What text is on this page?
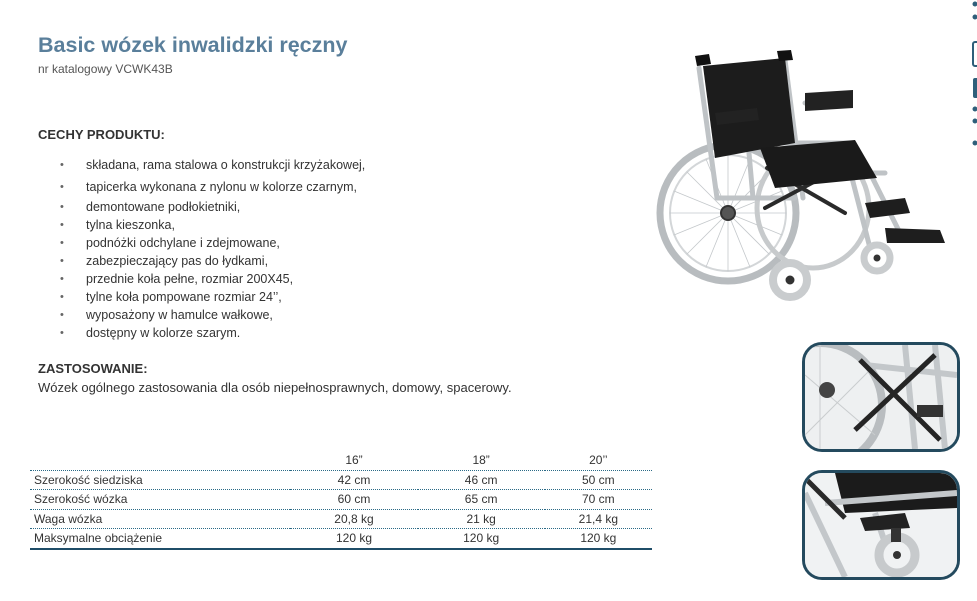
Basic wózek inwalidzki ręczny
nr katalogowy VCWK43B
CECHY PRODUKTU:
• składana, rama stalowa o konstrukcji krzyżakowej,
• tapicerka wykonana z nylonu w kolorze czarnym,
• demontowane podłokietniki,
• tylna kieszonka,
• podnóżki odchylane i zdejmowane,
• zabezpieczający pas do łydkami,
• przednie koła pełne, rozmiar 200X45,
• tylne koła pompowane rozmiar 24’’,
• wyposażony w hamulce wałkowe,
• dostępny w kolorze szarym.
ZASTOSOWANIE:
Wózek ogólnego zastosowania dla osób niepełnosprawnych, domowy, spacerowy.
	16”	18”	20’’
Szerokość siedziska	42 cm	46 cm	50 cm
Szerokość wózka	60 cm	65 cm	70 cm
Waga wózka	20,8 kg	21 kg	21,4 kg
Maksymalne obciążenie	120 kg	120 kg	120 kg
